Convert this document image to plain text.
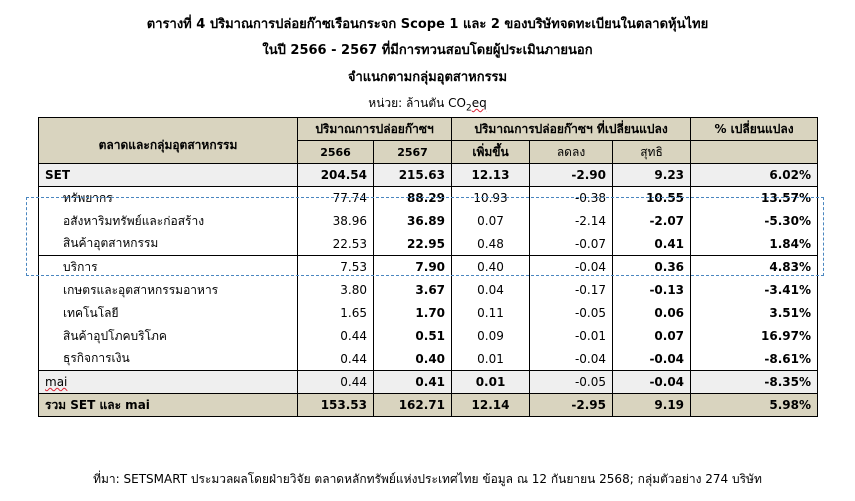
ตารางที่ 4 ปริมาณการปล่อยก๊าซเรือนกระจก Scope 1 และ 2 ของบริษัทจดทะเบียนในตลาดหุ้นไทย
ในปี 2566 - 2567 ที่มีการทวนสอบโดยผู้ประเมินภายนอก
จำแนกตามกลุ่มอุตสาหกรรม
หน่วย: ล้านตัน $CO_2eq$
ตลาดและกลุ่มอุตสาหกรรม	ปริมาณการปล่อยก๊าซฯ		ปริมาณการปล่อยก๊าซฯ ที่เปลี่ยนแปลง			% เปลี่ยนแปลง
	2566	2567	เพิ่มขึ้น	ลดลง	สุทธิ	
SET	204.54	215.63	12.13	-2.90	9.23	6.02%
ทรัพยากร	77.74	88.29	10.93	-0.38	10.55	13.57%
อสังหาริมทรัพย์และก่อสร้าง	38.96	36.89	0.07	-2.14	-2.07	-5.30%
สินค้าอุตสาหกรรม	22.53	22.95	0.48	-0.07	0.41	1.84%
บริการ	7.53	7.90	0.40	-0.04	0.36	4.83%
เกษตรและอุตสาหกรรมอาหาร	3.80	3.67	0.04	-0.17	-0.13	-3.41%
เทคโนโลยี	1.65	1.70	0.11	-0.05	0.06	3.51%
สินค้าอุปโภคบริโภค	0.44	0.51	0.09	-0.01	0.07	16.97%
ธุรกิจการเงิน	0.44	0.40	0.01	-0.04	-0.04	-8.61%
mai	0.44	0.41	0.01	-0.05	-0.04	-8.35%
รวม SET และ mai	153.53	162.71	12.14	-2.95	9.19	5.98%
ที่มา: SETSMART ประมวลผลโดยฝ่ายวิจัย ตลาดหลักทรัพย์แห่งประเทศไทย ข้อมูล ณ 12 กันยายน 2568; กลุ่มตัวอย่าง 274 บริษัท
